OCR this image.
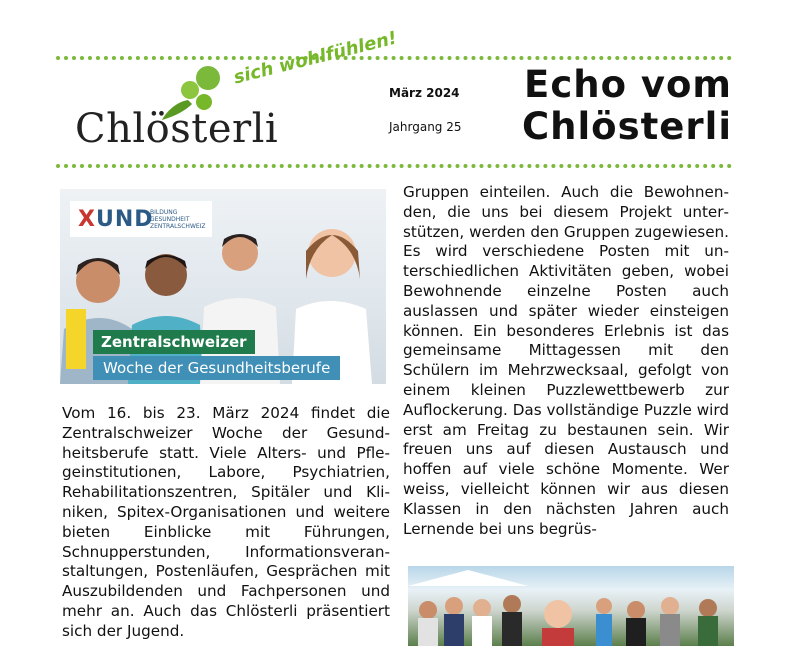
sich wohlfühlen!
Chlösterli
März 2024
Jahrgang 25
Echo vom
Chlösterli
XUND
BILDUNG GESUNDHEIT ZENTRALSCHWEIZ
Zentralschweizer
Woche der Gesundheitsberufe
Vom 16. bis 23. März 2024 findet die Zentralschweizer Woche der Gesundheitsberufe statt. Viele Alters- und Pflegeinstitutionen, Labore, Psychiatrien, Rehabilitationszentren, Spitäler und Kliniken, Spitex-Organisationen und weitere bieten Einblicke mit Führungen, Schnupperstunden, Informationsveranstaltungen, Postenläufen, Gesprächen mit Auszubildenden und Fachpersonen und mehr an. Auch das Chlösterli präsentiert sich der Jugend.
Gruppen einteilen. Auch die Bewohnenden, die uns bei diesem Projekt unterstützen, werden den Gruppen zugewiesen. Es wird verschiedene Posten mit unterschiedlichen Aktivitäten geben, wobei Bewohnende einzelne Posten auch auslassen und später wieder einsteigen können. Ein besonderes Erlebnis ist das gemeinsame Mittagessen mit den Schülern im Mehrzwecksaal, gefolgt von einem kleinen Puzzlewettbewerb zur Auflockerung. Das vollständige Puzzle wird erst am Freitag zu bestaunen sein. Wir freuen uns auf diesen Austausch und hoffen auf viele schöne Momente. Wer weiss, vielleicht können wir aus diesen Klassen in den nächsten Jahren auch Lernende bei uns begrüs-
